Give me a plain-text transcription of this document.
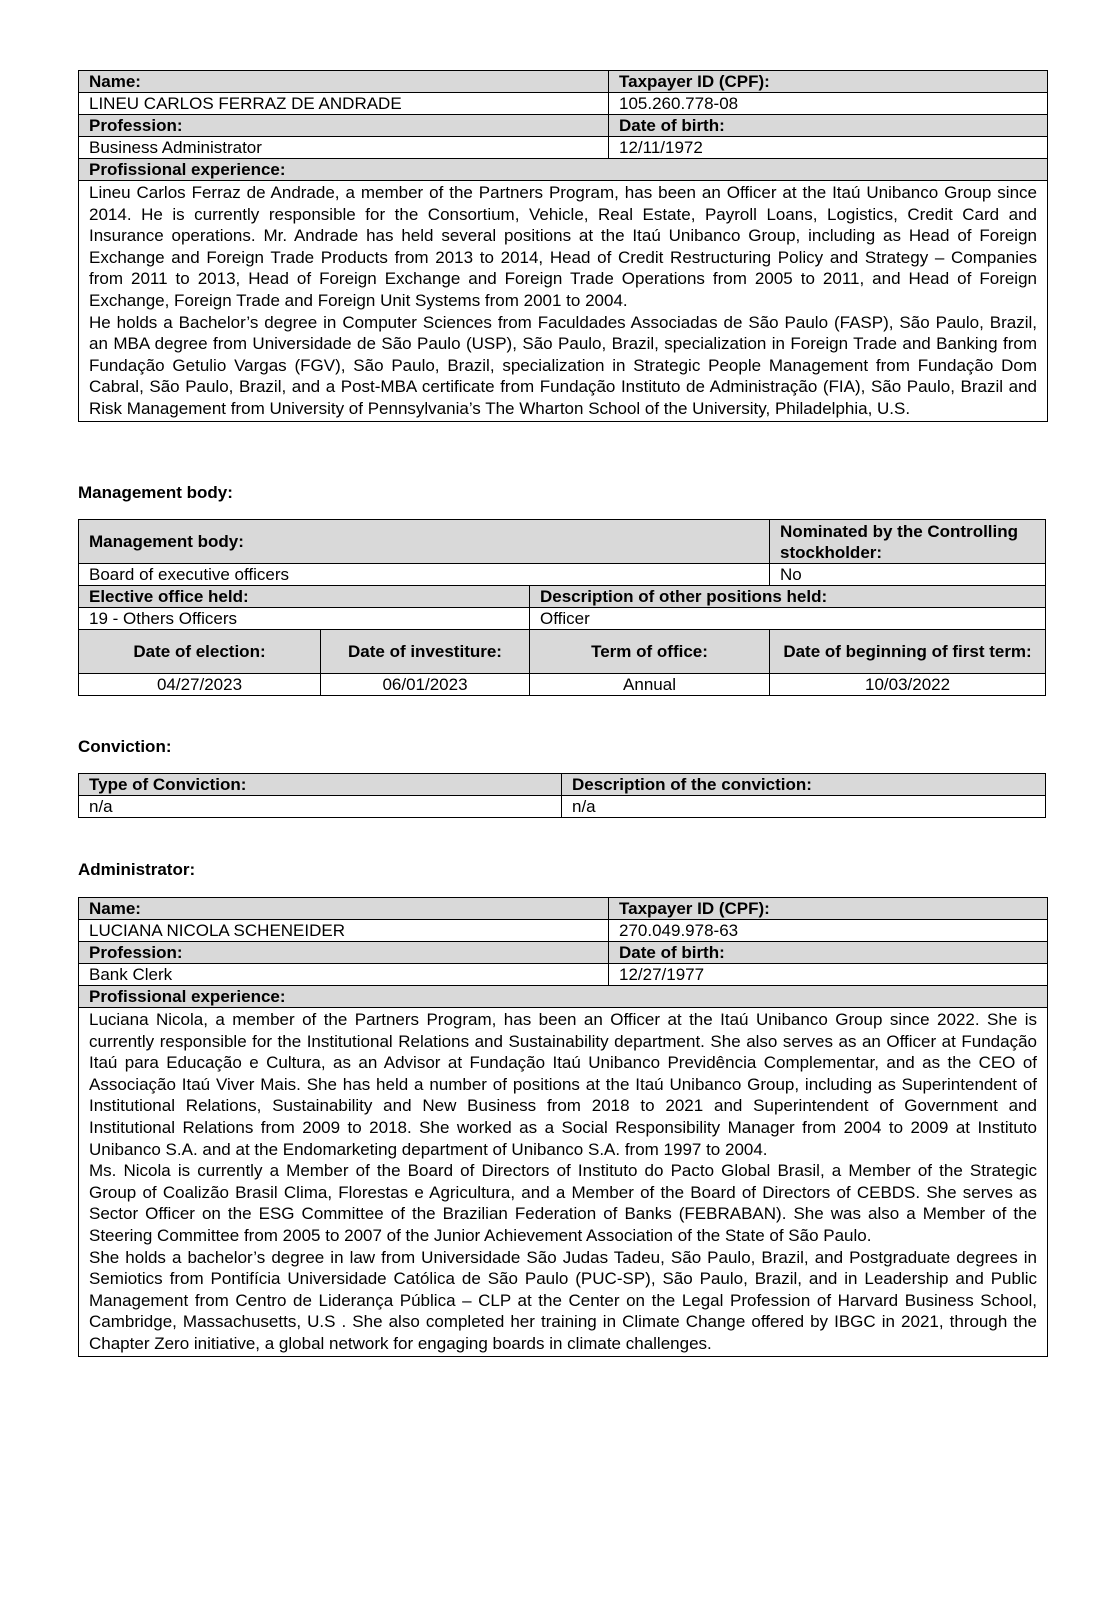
Name:	Taxpayer ID (CPF):
LINEU CARLOS FERRAZ DE ANDRADE	105.260.778-08
Profession:	Date of birth:
Business Administrator	12/11/1972
Profissional experience:	

Lineu Carlos Ferraz de Andrade, a member of the Partners Program, has been an Officer at the Itaú Unibanco Group since 2014. He is currently responsible for the Consortium, Vehicle, Real Estate, Payroll Loans, Logistics, Credit Card and Insurance operations. Mr. Andrade has held several positions at the Itaú Unibanco Group, including as Head of Foreign Exchange and Foreign Trade Products from 2013 to 2014, Head of Credit Restructuring Policy and Strategy – Companies from 2011 to 2013, Head of Foreign Exchange and Foreign Trade Operations from 2005 to 2011, and Head of Foreign Exchange, Foreign Trade and Foreign Unit Systems from 2001 to 2004.

He holds a Bachelor’s degree in Computer Sciences from Faculdades Associadas de São Paulo (FASP), São Paulo, Brazil, an MBA degree from Universidade de São Paulo (USP), São Paulo, Brazil, specialization in Foreign Trade and Banking from Fundação Getulio Vargas (FGV), São Paulo, Brazil, specialization in Strategic People Management from Fundação Dom Cabral, São Paulo, Brazil, and a Post-MBA certificate from Fundação Instituto de Administração (FIA), São Paulo, Brazil and Risk Management from University of Pennsylvania’s The Wharton School of the University, Philadelphia, U.S.	

Management body:
Management body:			Nominated by the Controlling stockholder:
Board of executive officers			No
Elective office held:		Description of other positions held:	
19 - Others Officers		Officer	
Date of election:	Date of investiture:	Term of office:	Date of beginning of first term:
04/27/2023	06/01/2023	Annual	10/03/2022
Conviction:
Type of Conviction:	Description of the conviction:
n/a	n/a
Administrator:
Name:	Taxpayer ID (CPF):
LUCIANA NICOLA SCHENEIDER	270.049.978-63
Profession:	Date of birth:
Bank Clerk	12/27/1977
Profissional experience:	

Luciana Nicola, a member of the Partners Program, has been an Officer at the Itaú Unibanco Group since 2022. She is currently responsible for the Institutional Relations and Sustainability department. She also serves as an Officer at Fundação Itaú para Educação e Cultura, as an Advisor at Fundação Itaú Unibanco Previdência Complementar, and as the CEO of Associação Itaú Viver Mais. She has held a number of positions at the Itaú Unibanco Group, including as Superintendent of Institutional Relations, Sustainability and New Business from 2018 to 2021 and Superintendent of Government and Institutional Relations from 2009 to 2018. She worked as a Social Responsibility Manager from 2004 to 2009 at Instituto Unibanco S.A. and at the Endomarketing department of Unibanco S.A. from 1997 to 2004.

Ms. Nicola is currently a Member of the Board of Directors of Instituto do Pacto Global Brasil, a Member of the Strategic Group of Coalizão Brasil Clima, Florestas e Agricultura, and a Member of the Board of Directors of CEBDS. She serves as Sector Officer on the ESG Committee of the Brazilian Federation of Banks (FEBRABAN). She was also a Member of the Steering Committee from 2005 to 2007 of the Junior Achievement Association of the State of São Paulo.

She holds a bachelor’s degree in law from Universidade São Judas Tadeu, São Paulo, Brazil, and Postgraduate degrees in Semiotics from Pontifícia Universidade Católica de São Paulo (PUC-SP), São Paulo, Brazil, and in Leadership and Public Management from Centro de Liderança Pública – CLP at the Center on the Legal Profession of Harvard Business School, Cambridge, Massachusetts, U.S . She also completed her training in Climate Change offered by IBGC in 2021, through the Chapter Zero initiative, a global network for engaging boards in climate challenges.	
